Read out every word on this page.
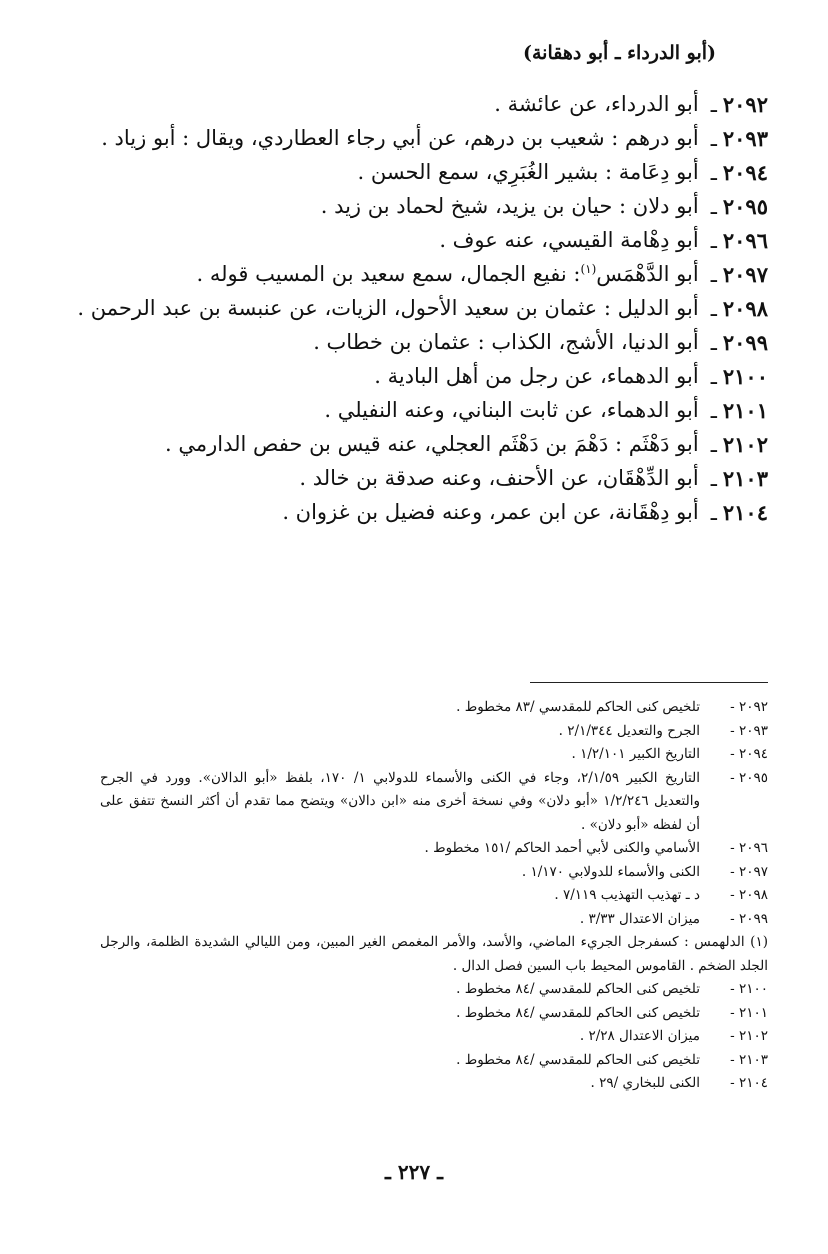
(أبو الدرداء ـ أبو دهقانة)

٢٠٩٢ـ
أبو الدرداء، عن عائشة .

٢٠٩٣ـ
أبو درهم : شعيب بن درهم، عن أبي رجاء العطاردي، ويقال : أبو زياد .

٢٠٩٤ـ
أبو دِعَامة : بشير الغُبَرِي، سمع الحسن .

٢٠٩٥ـ
أبو دلان : حيان بن يزيد، شيخ لحماد بن زيد .

٢٠٩٦ـ
أبو دِهْامة القيسي، عنه عوف .

٢٠٩٧ـ
أبو الدَّهْمَس$^{(١)}$: نفيع الجمال، سمع سعيد بن المسيب قوله .

٢٠٩٨ـ
أبو الدليل : عثمان بن سعيد الأحول، الزيات، عن عنبسة بن عبد الرحمن .

٢٠٩٩ـ
أبو الدنيا، الأشج، الكذاب : عثمان بن خطاب .

٢١٠٠ـ
أبو الدهماء، عن رجل من أهل البادية .

٢١٠١ـ
أبو الدهماء، عن ثابت البناني، وعنه النفيلي .

٢١٠٢ـ
أبو دَهْثَم : دَهْمَ بن دَهْثَم العجلي، عنه قيس بن حفص الدارمي .

٢١٠٣ـ
أبو الدِّهْقَان، عن الأحنف، وعنه صدقة بن خالد .

٢١٠٤ـ
أبو دِهْقَانة، عن ابن عمر، وعنه فضيل بن غزوان .

٢٠٩٢ -
تلخيص كنى الحاكم للمقدسي /٨٣ مخطوط .
٢٠٩٣ -
الجرح والتعديل ٢/١/٣٤٤ .
٢٠٩٤ -
التاريخ الكبير ١/٢/١٠١ .
٢٠٩٥ -
التاريخ الكبير ٢/١/٥٩، وجاء في الكنى والأسماء للدولابي ١/ ١٧٠، بلفظ «أبو الدالان». وورد في الجرح والتعديل ١/٢/٢٤٦ «أبو دلان» وفي نسخة أخرى منه «ابن دالان» ويتضح مما تقدم أن أكثر النسخ تتفق على أن لفظه «أبو دلان» .
٢٠٩٦ -
الأسامي والكنى لأبي أحمد الحاكم /١٥١ مخطوط .
٢٠٩٧ -
الكنى والأسماء للدولابي ١/١٧٠ .
٢٠٩٨ -
د ـ تهذيب التهذيب ٧/١١٩ .
٢٠٩٩ -
ميزان الاعتدال ٣/٣٣ .
(١) الدلهمس : كسفرجل الجريء الماضي، والأسد، والأمر المغمص الغير المبين، ومن الليالي الشديدة الظلمة، والرجل الجلد الضخم . القاموس المحيط باب السين فصل الدال .
٢١٠٠ -
تلخيص كنى الحاكم للمقدسي /٨٤ مخطوط .
٢١٠١ -
تلخيص كنى الحاكم للمقدسي /٨٤ مخطوط .
٢١٠٢ -
ميزان الاعتدال ٢/٢٨ .
٢١٠٣ -
تلخيص كنى الحاكم للمقدسي /٨٤ مخطوط .
٢١٠٤ -
الكنى للبخاري /٢٩ .
ـ ٢٢٧ ـ
